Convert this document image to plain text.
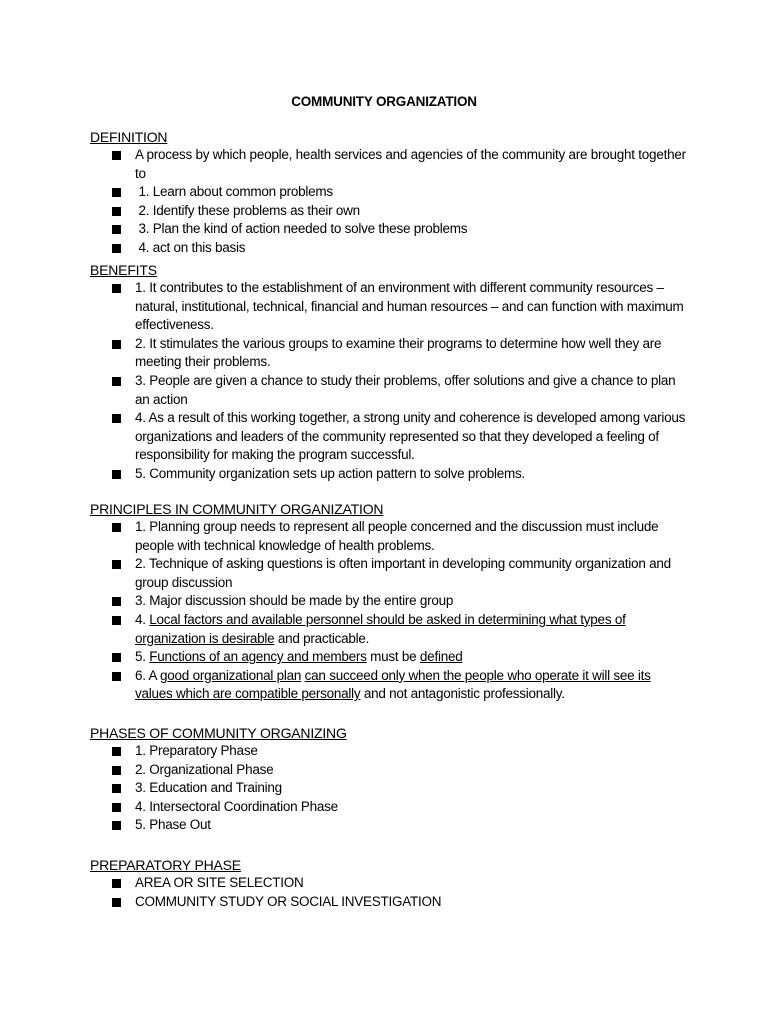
COMMUNITY ORGANIZATION
DEFINITION
A process by which people, health services and agencies of the community are brought together to
1. Learn about common problems
2. Identify these problems as their own
3. Plan the kind of action needed to solve these problems
4. act on this basis
BENEFITS
1. It contributes to the establishment of an environment with different community resources – natural, institutional, technical, financial and human resources – and can function with maximum effectiveness.
2. It stimulates the various groups to examine their programs to determine how well they are meeting their problems.
3. People are given a chance to study their problems, offer solutions and give a chance to plan an action
4. As a result of this working together, a strong unity and coherence is developed among various organizations and leaders of the community represented so that they developed a feeling of responsibility for making the program successful.
5. Community organization sets up action pattern to solve problems.
PRINCIPLES IN COMMUNITY ORGANIZATION
1. Planning group needs to represent all people concerned and the discussion must include people with technical knowledge of health problems.
2. Technique of asking questions is often important in developing community organization and group discussion
3. Major discussion should be made by the entire group
4. Local factors and available personnel should be asked in determining what types of organization is desirable and practicable.
5. Functions of an agency and members must be defined
6. A good organizational plan can succeed only when the people who operate it will see its values which are compatible personally and not antagonistic professionally.
PHASES OF COMMUNITY ORGANIZING
1. Preparatory Phase
2. Organizational Phase
3. Education and Training
4. Intersectoral Coordination Phase
5. Phase Out
PREPARATORY PHASE
AREA OR SITE SELECTION
COMMUNITY STUDY OR SOCIAL INVESTIGATION
